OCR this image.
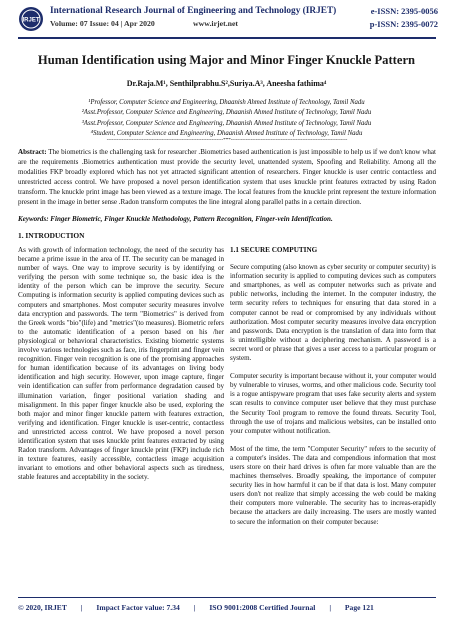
IRJET
International Research Journal of Engineering and Technology (IRJET)	e-ISSN: 2395-0056
Volume: 07 Issue: 04 | Apr 2020	www.irjet.net	p-ISSN: 2395-0072
Human Identification using Major and Minor Finger Knuckle Pattern
Dr.Raja.M¹, Senthilprabhu.S²,Suriya.A³, Aneesha fathima⁴
¹Professor, Computer Science and Engineering, Dhaanish Ahmed Institute of Technology, Tamil Nadu
²Asst.Professor, Computer Science and Engineering, Dhaanish Ahmed Institute of Technology, Tamil Nadu
³Asst.Professor, Computer Science and Engineering, Dhaanish Ahmed Institute of Technology, Tamil Nadu
⁴Student, Computer Science and Engineering, Dhaanish Ahmed Institute of Technology, Tamil Nadu
----------------------------------------------------------------------***----------------------------------------------------------------------
Abstract: The biometrics is the challenging task for researcher .Biometrics based authentication is just impossible to help us if we don't know what are the requirements .Biometrics authentication must provide the security level, unattended system, Spoofing and Reliability. Among all the modalities FKP broadly explored which has not yet attracted significant attention of researchers. Finger knuckle is user centric contactless and unrestricted access control. We have proposed a novel person identification system that uses knuckle print features extracted by using Radon transform. The knuckle print image has been viewed as a texture image. The local features from the knuckle print represent the texture information present in the image in better sense .Radon transform computes the line integral along parallel paths in a certain direction.
Keywords: Finger Biometric, Finger Knuckle Methodology, Pattern Recognition, Finger-vein Identification.
1. INTRODUCTION

As with growth of information technology, the need of the security has became a prime issue in the area of IT. The security can be managed in number of ways. One way to improve security is by identifying or verifying the person with some technique so, the basic idea is the identity of the person which can be improve the security. Secure Computing is information security is applied computing devices such as computers and smartphones. Most computer security measures involve data encryption and passwords. The term "Biometrics" is derived from the Greek words "bio"(life) and "metrics"(to measures). Biometric refers to the automatic identification of a person based on his /her physiological or behavioral characteristics. Existing biometric systems involve various technologies such as face, iris fingerprint and finger vein recognition. Finger vein recognition is one of the promising approaches for human identification because of its advantages on living body identification and high security. However, upon image capture, finger vein identification can suffer from performance degradation caused by illumination variation, finger positional variation shading and misalignment. In this paper finger knuckle also be used, exploring the both major and minor finger knuckle pattern with features extraction, verifying and identification. Finger knuckle is user-centric, contactless and unrestricted access control. We have proposed a novel person identification system that uses knuckle print features extracted by using Radon transform. Advantages of finger knuckle print (FKP) include rich in texture features, easily accessible, contactless image acquisition invariant to emotions and other behavioral aspects such as tiredness, stable features and acceptability in the society.

1.1 SECURE COMPUTING

Secure computing (also known as cyber security or computer security) is information security is applied to computing devices such as computers and smartphones, as well as computer networks such as private and public networks, including the internet. In the computer industry, the term security refers to techniques for ensuring that data stored in a computer cannot be read or compromised by any individuals without authorization. Most computer security measures involve data encryption and passwords. Data encryption is the translation of data into form that is unintelligible without a deciphering mechanism. A password is a secret word or phrase that gives a user access to a particular program or system.

Computer security is important because without it, your computer would by vulnerable to viruses, worms, and other malicious code. Security tool is a rogue antispyware program that uses fake security alerts and system scan results to convince computer user believe that they must purchase the Security Tool program to remove the found threats. Security Tool, through the use of trojans and malicious websites, can be installed onto your computer without notification.

Most of the time, the term "Computer Security" refers to the security of a computer's insides. The data and compendious information that most users store on their hard drives is often far more valuable than are the machines themselves. Broadly speaking, the importance of computer security lies in how harmful it can be if that data is lost. Many computer users don't not realize that simply accessing the web could be making their computers more vulnerable. The security has to increas-erapidly because the attackers are daily increasing. The users are mostly wanted to secure the information on their computer because:

© 2020, IRJET | Impact Factor value: 7.34 | ISO 9001:2008 Certified Journal | Page 121
